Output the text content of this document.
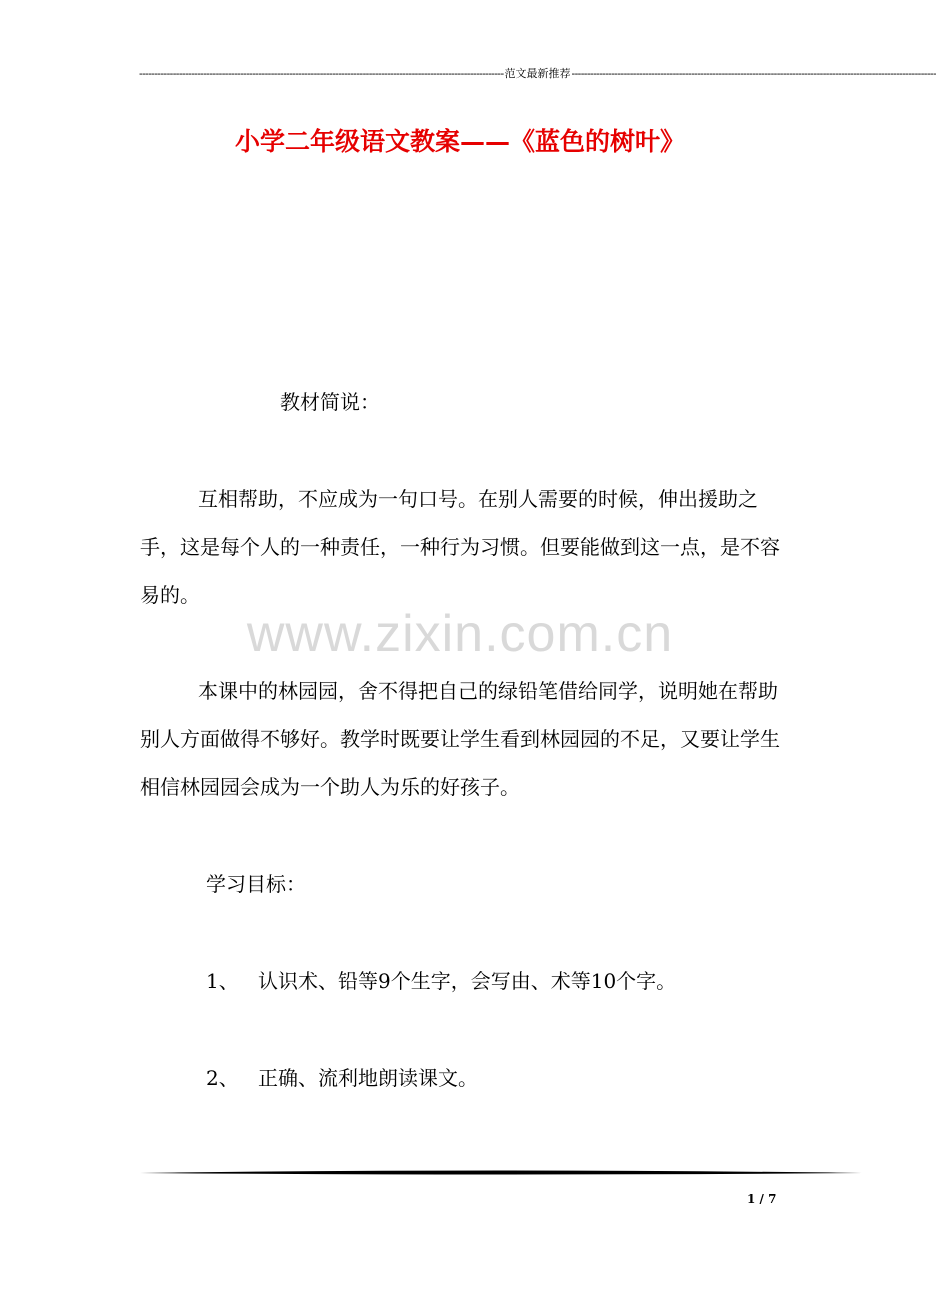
----------------------------------------------------------------------------------------------------------------------- 范文最新推荐 -----------------------------------------------------------------------------------------------------------------------
小学二年级语文教案——《蓝色的树叶》
www.zixin.com.cn

教材简说：

互相帮助，不应成为一句口号。在别人需要的时候，伸出援助之手，这是每个人的一种责任，一种行为习惯。但要能做到这一点，是不容易的。

本课中的林园园，舍不得把自己的绿铅笔借给同学，说明她在帮助别人方面做得不够好。教学时既要让学生看到林园园的不足，又要让学生相信林园园会成为一个助人为乐的好孩子。

学习目标：

1、 认识术、铅等9个生字，会写由、术等10个字。
2、 正确、流利地朗读课文。
1 / 7
